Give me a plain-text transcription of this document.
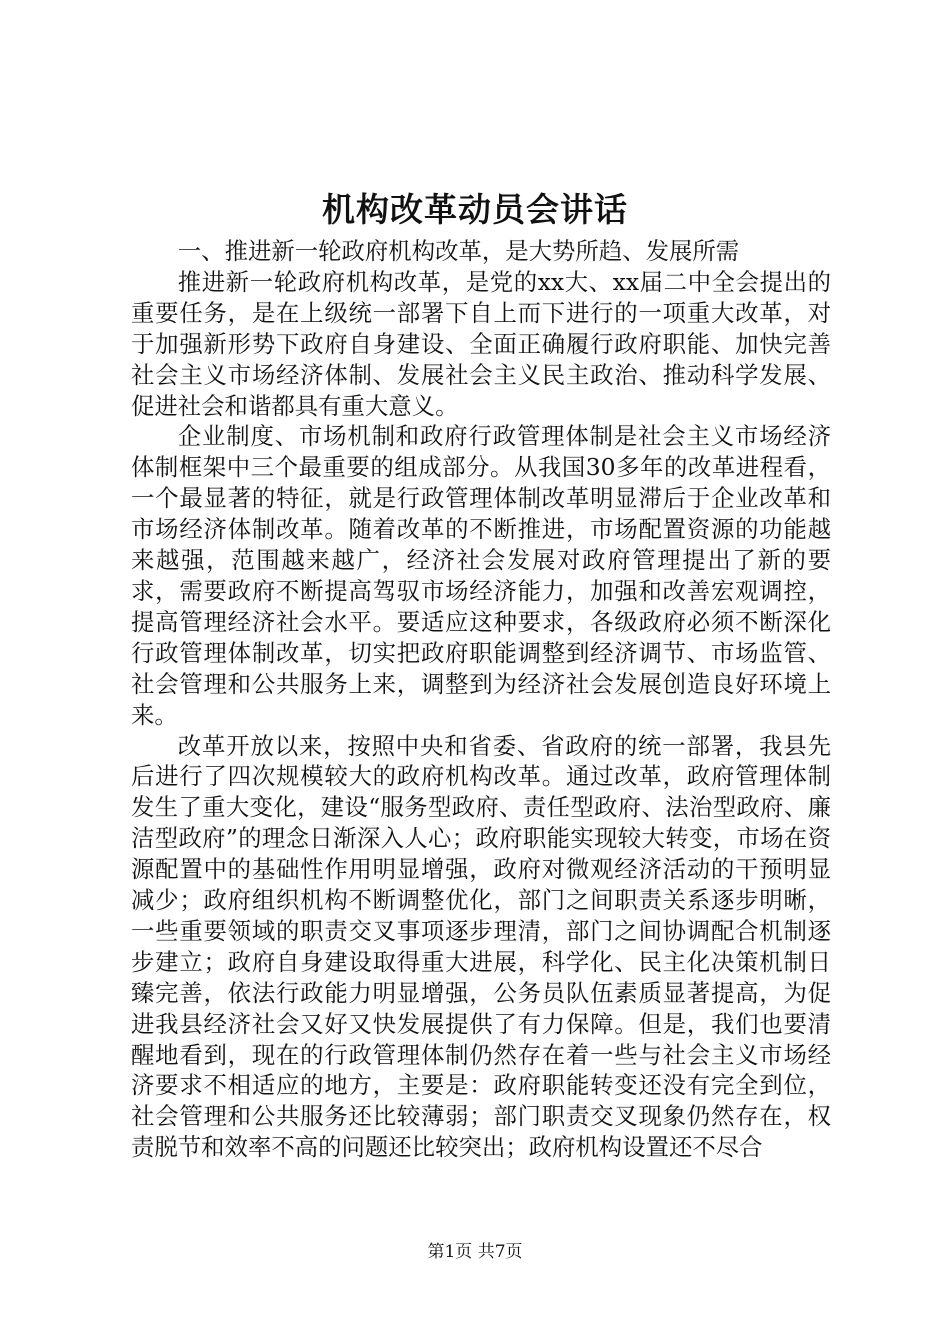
机构改革动员会讲话

一、推进新一轮政府机构改革，是大势所趋、发展所需

推进新一轮政府机构改革，是党的xx大、xx届二中全会提出的重要任务，是在上级统一部署下自上而下进行的一项重大改革，对于加强新形势下政府自身建设、全面正确履行政府职能、加快完善社会主义市场经济体制、发展社会主义民主政治、推动科学发展、促进社会和谐都具有重大意义。

企业制度、市场机制和政府行政管理体制是社会主义市场经济体制框架中三个最重要的组成部分。从我国30多年的改革进程看，一个最显著的特征，就是行政管理体制改革明显滞后于企业改革和市场经济体制改革。随着改革的不断推进，市场配置资源的功能越来越强，范围越来越广，经济社会发展对政府管理提出了新的要求，需要政府不断提高驾驭市场经济能力，加强和改善宏观调控，提高管理经济社会水平。要适应这种要求，各级政府必须不断深化行政管理体制改革，切实把政府职能调整到经济调节、市场监管、社会管理和公共服务上来，调整到为经济社会发展创造良好环境上来。

改革开放以来，按照中央和省委、省政府的统一部署，我县先后进行了四次规模较大的政府机构改革。通过改革，政府管理体制发生了重大变化，建设“服务型政府、责任型政府、法治型政府、廉洁型政府”的理念日渐深入人心；政府职能实现较大转变，市场在资源配置中的基础性作用明显增强，政府对微观经济活动的干预明显减少；政府组织机构不断调整优化，部门之间职责关系逐步明晰，一些重要领域的职责交叉事项逐步理清，部门之间协调配合机制逐步建立；政府自身建设取得重大进展，科学化、民主化决策机制日臻完善，依法行政能力明显增强，公务员队伍素质显著提高，为促进我县经济社会又好又快发展提供了有力保障。但是，我们也要清醒地看到，现在的行政管理体制仍然存在着一些与社会主义市场经济要求不相适应的地方，主要是：政府职能转变还没有完全到位，社会管理和公共服务还比较薄弱；部门职责交叉现象仍然存在，权责脱节和效率不高的问题还比较突出；政府机构设置还不尽合

第1页 共7页
